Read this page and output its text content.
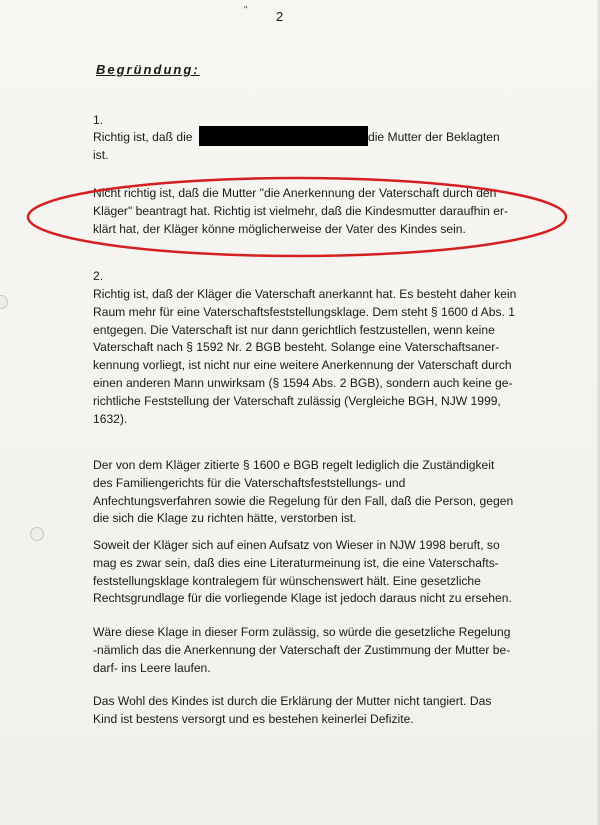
" 2
Begründung:
1.
Richtig ist, daß die	die Mutter der Beklagten
ist.
Nicht richtig ist, daß die Mutter "die Anerkennung der Vaterschaft durch den
Kläger" beantragt hat. Richtig ist vielmehr, daß die Kindesmutter daraufhin er-
klärt hat, der Kläger könne möglicherweise der Vater des Kindes sein.
2.
Richtig ist, daß der Kläger die Vaterschaft anerkannt hat. Es besteht daher kein
Raum mehr für eine Vaterschaftsfeststellungsklage. Dem steht § 1600 d Abs. 1
entgegen. Die Vaterschaft ist nur dann gerichtlich festzustellen, wenn keine
Vaterschaft nach § 1592 Nr. 2 BGB besteht. Solange eine Vaterschaftsaner-
kennung vorliegt, ist nicht nur eine weitere Anerkennung der Vaterschaft durch
einen anderen Mann unwirksam (§ 1594 Abs. 2 BGB), sondern auch keine ge-
richtliche Feststellung der Vaterschaft zulässig (Vergleiche BGH, NJW 1999,
1632).
Der von dem Kläger zitierte § 1600 e BGB regelt lediglich die Zuständigkeit
des Familiengerichts für die Vaterschaftsfeststellungs- und
Anfechtungsverfahren sowie die Regelung für den Fall, daß die Person, gegen
die sich die Klage zu richten hätte, verstorben ist.
Soweit der Kläger sich auf einen Aufsatz von Wieser in NJW 1998 beruft, so
mag es zwar sein, daß dies eine Literaturmeinung ist, die eine Vaterschafts-
feststellungsklage kontralegem für wünschenswert hält. Eine gesetzliche
Rechtsgrundlage für die vorliegende Klage ist jedoch daraus nicht zu ersehen.
Wäre diese Klage in dieser Form zulässig, so würde die gesetzliche Regelung
-nämlich das die Anerkennung der Vaterschaft der Zustimmung der Mutter be-
darf- ins Leere laufen.
Das Wohl des Kindes ist durch die Erklärung der Mutter nicht tangiert. Das
Kind ist bestens versorgt und es bestehen keinerlei Defizite.
